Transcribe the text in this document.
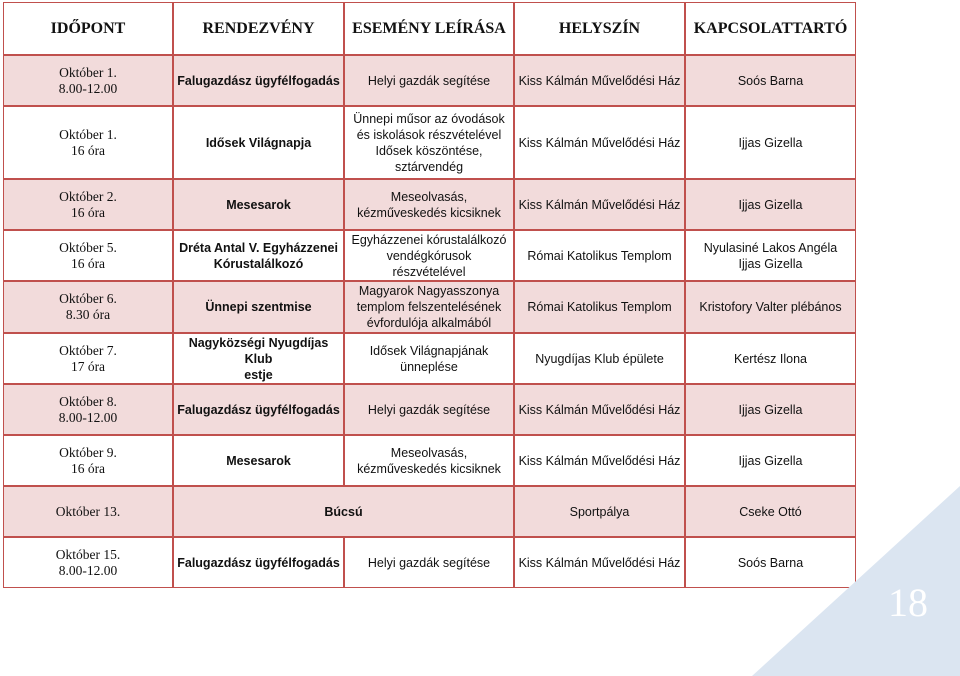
IDŐPONT	RENDEZVÉNY	ESEMÉNY LEÍRÁSA	HELYSZÍN	KAPCSOLATTARTÓ
Október 1.
8.00-12.00	Falugazdász ügyfélfogadás	Helyi gazdák segítése	Kiss Kálmán Művelődési Ház	Soós Barna
Október 1.
16 óra	Idősek Világnapja	Ünnepi műsor az óvodások
és iskolások részvételével
Idősek köszöntése,
sztárvendég	Kiss Kálmán Művelődési Ház	Ijjas Gizella
Október 2.
16 óra	Mesesarok	Meseolvasás,
kézműveskedés kicsiknek	Kiss Kálmán Művelődési Ház	Ijjas Gizella
Október 5.
16 óra	Dréta Antal V. Egyházzenei
Kórustalálkozó	Egyházzenei kórustalálkozó
vendégkórusok
részvételével	Római Katolikus Templom	Nyulasiné Lakos Angéla
Ijjas Gizella
Október 6.
8.30 óra	Ünnepi szentmise	Magyarok Nagyasszonya
templom felszentelésének
évfordulója alkalmából	Római Katolikus Templom	Kristofory Valter plébános
Október 7.
17 óra	Nagyközségi Nyugdíjas Klub
estje	Idősek Világnapjának
ünneplése	Nyugdíjas Klub épülete	Kertész Ilona
Október 8.
8.00-12.00	Falugazdász ügyfélfogadás	Helyi gazdák segítése	Kiss Kálmán Művelődési Ház	Ijjas Gizella
Október 9.
16 óra	Mesesarok	Meseolvasás,
kézműveskedés kicsiknek	Kiss Kálmán Művelődési Ház	Ijjas Gizella
Október 13.	Búcsú		Sportpálya	Cseke Ottó
Október 15.
8.00-12.00	Falugazdász ügyfélfogadás	Helyi gazdák segítése	Kiss Kálmán Művelődési Ház	Soós Barna
18
